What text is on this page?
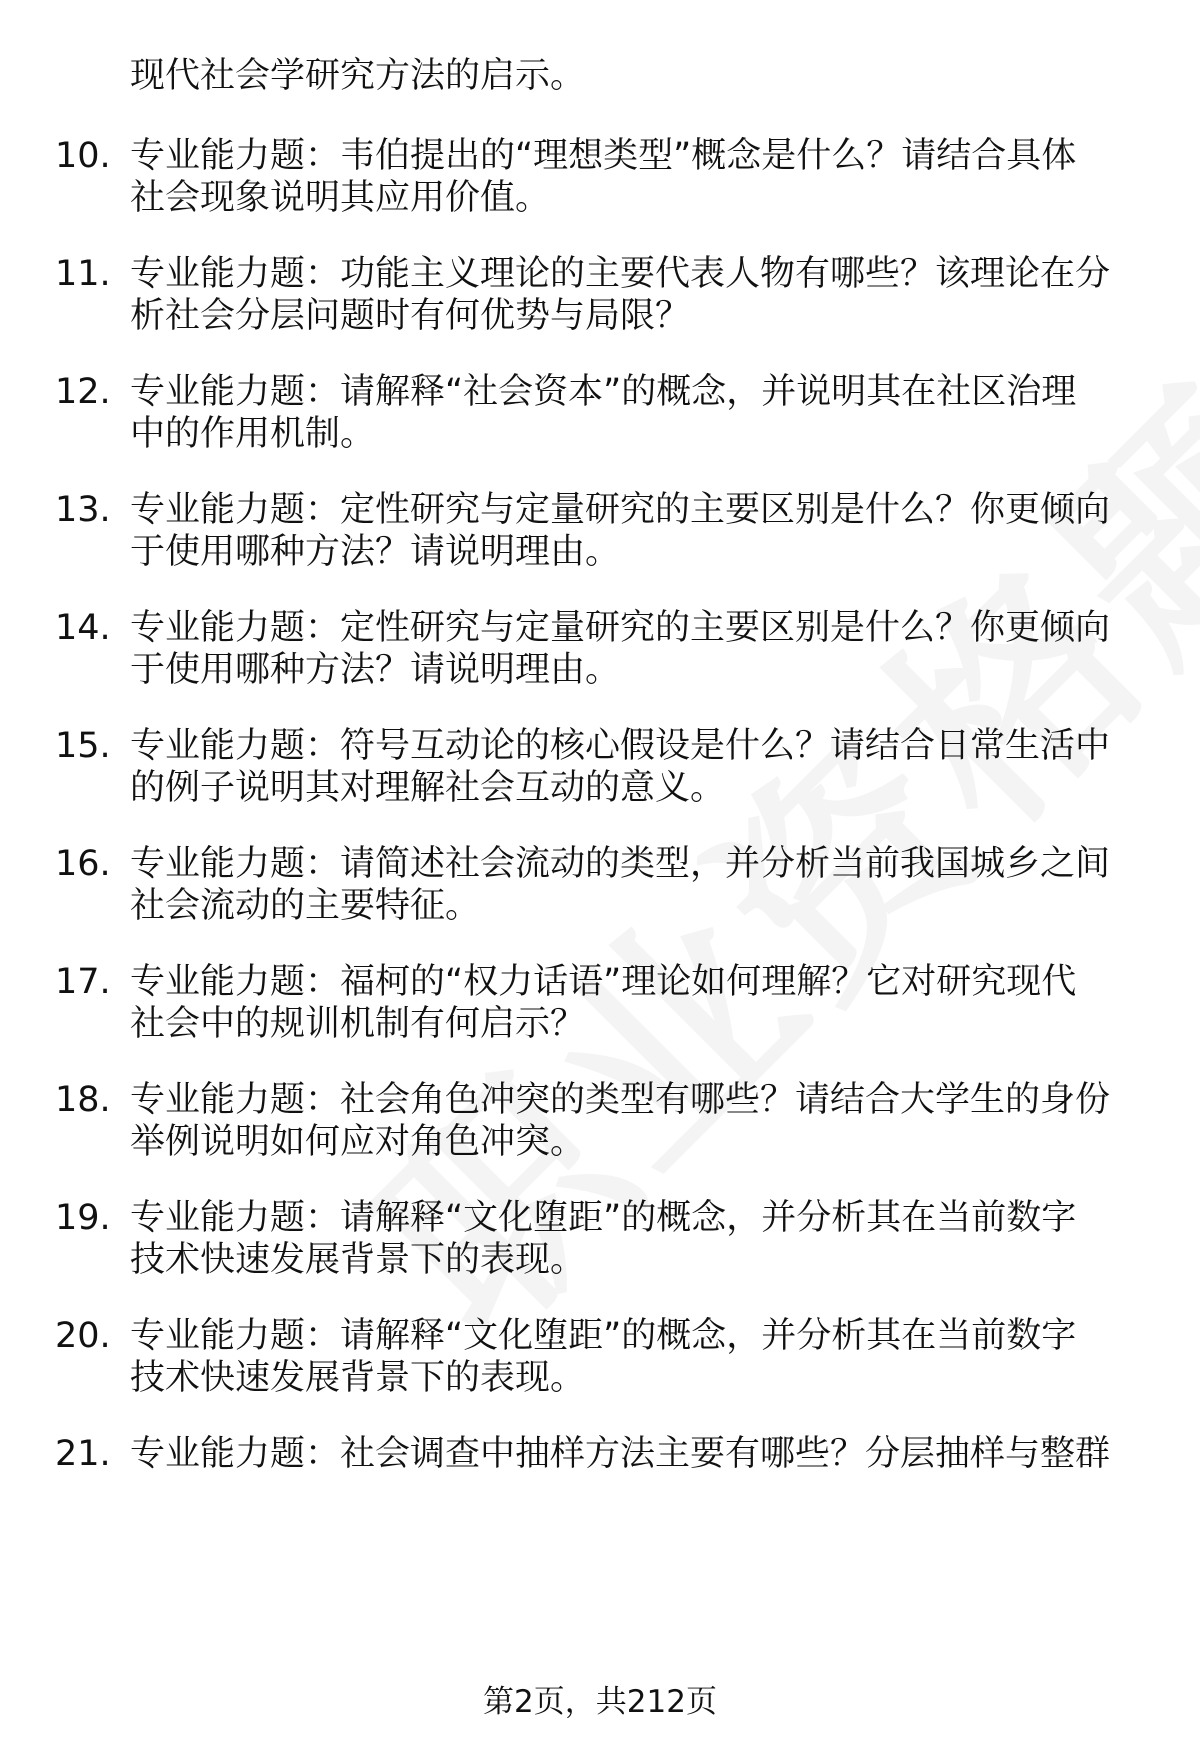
现代社会学研究方法的启示。
10. 专业能力题：韦伯提出的“理想类型”概念是什么？请结合具体
社会现象说明其应用价值。
11. 专业能力题：功能主义理论的主要代表人物有哪些？该理论在分
析社会分层问题时有何优势与局限？
12. 专业能力题：请解释“社会资本”的概念，并说明其在社区治理
中的作用机制。
13. 专业能力题：定性研究与定量研究的主要区别是什么？你更倾向
于使用哪种方法？请说明理由。
14. 专业能力题：定性研究与定量研究的主要区别是什么？你更倾向
于使用哪种方法？请说明理由。
15. 专业能力题：符号互动论的核心假设是什么？请结合日常生活中
的例子说明其对理解社会互动的意义。
16. 专业能力题：请简述社会流动的类型，并分析当前我国城乡之间
社会流动的主要特征。
17. 专业能力题：福柯的“权力话语”理论如何理解？它对研究现代
社会中的规训机制有何启示？
18. 专业能力题：社会角色冲突的类型有哪些？请结合大学生的身份
举例说明如何应对角色冲突。
19. 专业能力题：请解释“文化堕距”的概念，并分析其在当前数字
技术快速发展背景下的表现。
20. 专业能力题：请解释“文化堕距”的概念，并分析其在当前数字
技术快速发展背景下的表现。
21. 专业能力题：社会调查中抽样方法主要有哪些？分层抽样与整群
第2页，共212页
